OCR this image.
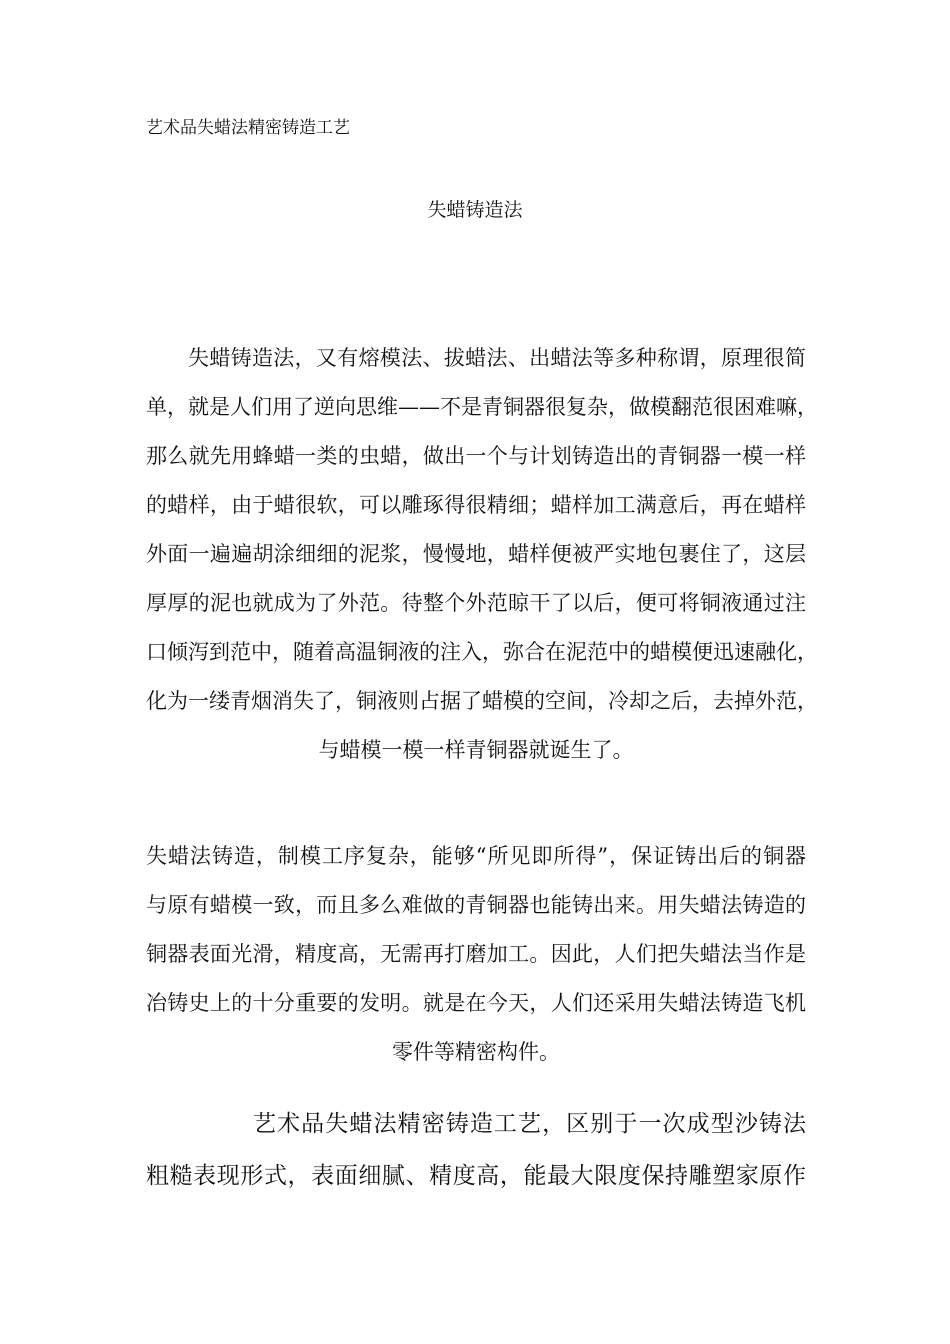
艺术品失蜡法精密铸造工艺
失蜡铸造法
失蜡铸造法，又有熔模法、拔蜡法、出蜡法等多种称谓，原理很简
单，就是人们用了逆向思维——不是青铜器很复杂，做模翻范很困难嘛，
那么就先用蜂蜡一类的虫蜡，做出一个与计划铸造出的青铜器一模一样
的蜡样，由于蜡很软，可以雕琢得很精细；蜡样加工满意后，再在蜡样
外面一遍遍胡涂细细的泥浆，慢慢地，蜡样便被严实地包裹住了，这层
厚厚的泥也就成为了外范。待整个外范晾干了以后，便可将铜液通过注
口倾泻到范中，随着高温铜液的注入，弥合在泥范中的蜡模便迅速融化，
化为一缕青烟消失了，铜液则占据了蜡模的空间，冷却之后，去掉外范，
与蜡模一模一样青铜器就诞生了。
失蜡法铸造，制模工序复杂，能够“所见即所得”，保证铸出后的铜器
与原有蜡模一致，而且多么难做的青铜器也能铸出来。用失蜡法铸造的
铜器表面光滑，精度高，无需再打磨加工。因此，人们把失蜡法当作是
冶铸史上的十分重要的发明。就是在今天，人们还采用失蜡法铸造飞机
零件等精密构件。
艺术品失蜡法精密铸造工艺，区别于一次成型沙铸法
粗糙表现形式，表面细腻、精度高，能最大限度保持雕塑家原作
